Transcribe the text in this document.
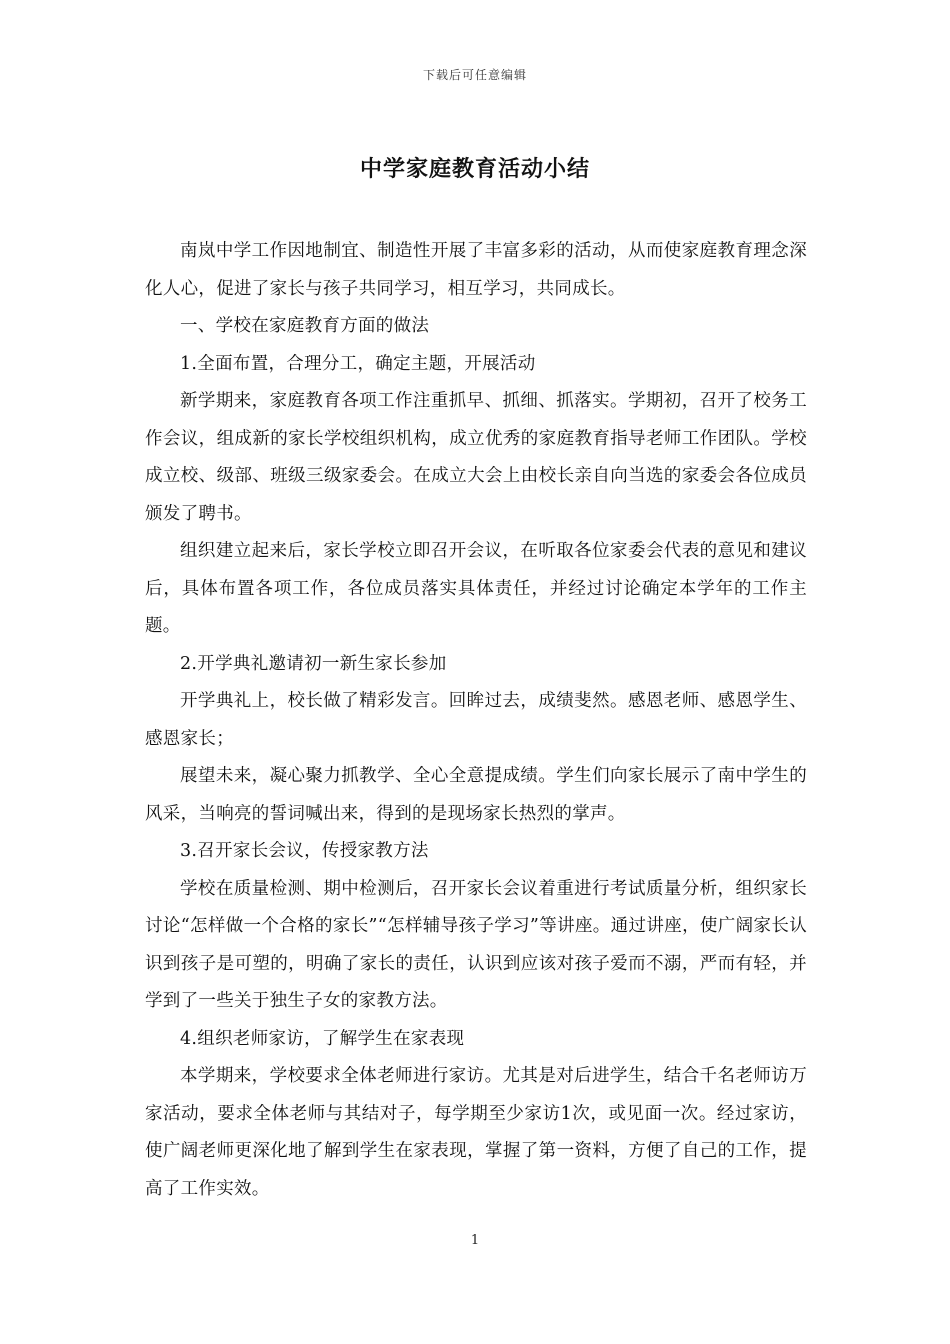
下载后可任意编辑
中学家庭教育活动小结

南岚中学工作因地制宜、制造性开展了丰富多彩的活动，从而使家庭教育理念深化人心，促进了家长与孩子共同学习，相互学习，共同成长。

一、学校在家庭教育方面的做法

1.全面布置，合理分工，确定主题，开展活动

新学期来，家庭教育各项工作注重抓早、抓细、抓落实。学期初，召开了校务工作会议，组成新的家长学校组织机构，成立优秀的家庭教育指导老师工作团队。学校成立校、级部、班级三级家委会。在成立大会上由校长亲自向当选的家委会各位成员颁发了聘书。

组织建立起来后，家长学校立即召开会议，在听取各位家委会代表的意见和建议后，具体布置各项工作，各位成员落实具体责任，并经过讨论确定本学年的工作主题。

2.开学典礼邀请初一新生家长参加

开学典礼上，校长做了精彩发言。回眸过去，成绩斐然。感恩老师、感恩学生、感恩家长；

展望未来，凝心聚力抓教学、全心全意提成绩。学生们向家长展示了南中学生的风采，当响亮的誓词喊出来，得到的是现场家长热烈的掌声。

3.召开家长会议，传授家教方法

学校在质量检测、期中检测后，召开家长会议着重进行考试质量分析，组织家长讨论“怎样做一个合格的家长”“怎样辅导孩子学习”等讲座。通过讲座，使广阔家长认识到孩子是可塑的，明确了家长的责任，认识到应该对孩子爱而不溺，严而有轻，并学到了一些关于独生子女的家教方法。

4.组织老师家访，了解学生在家表现

本学期来，学校要求全体老师进行家访。尤其是对后进学生，结合千名老师访万家活动，要求全体老师与其结对子，每学期至少家访1次，或见面一次。经过家访，使广阔老师更深化地了解到学生在家表现，掌握了第一资料，方便了自己的工作，提高了工作实效。

1
